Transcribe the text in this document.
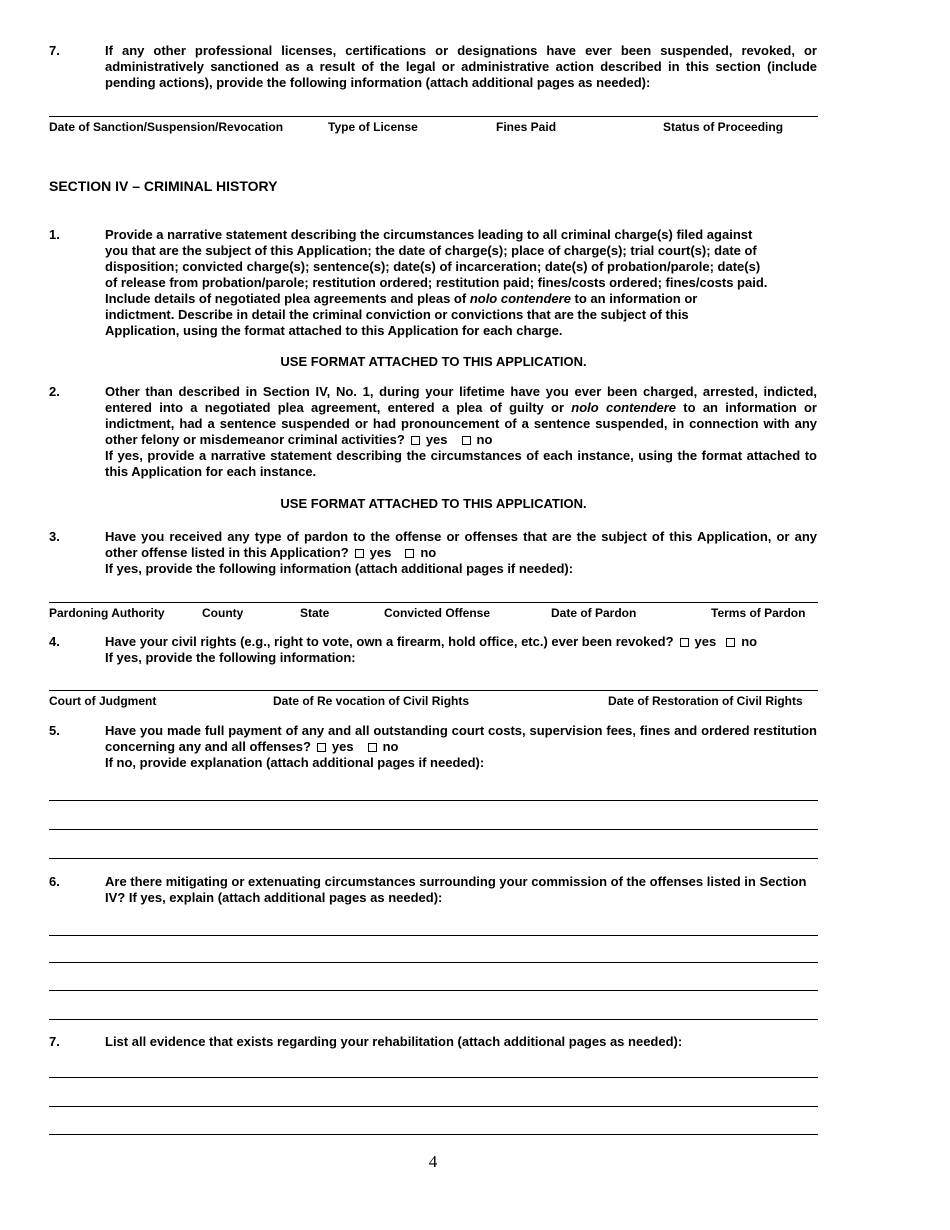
7.	If any other professional licenses, certifications or designations have ever been suspended, revoked, or administratively sanctioned as a result of the legal or administrative action described in this section (include pending actions), provide the following information (attach additional pages as needed):

Date of Sanction/Suspension/Revocation	Type of License	Fines Paid	Status of Proceeding
SECTION IV – CRIMINAL HISTORY
1.	Provide a narrative statement describing the circumstances leading to all criminal charge(s) filed against

you that are the subject of this Application; the date of charge(s); place of charge(s); trial court(s); date of

disposition; convicted charge(s); sentence(s); date(s) of incarceration; date(s) of probation/parole; date(s)

of release from probation/parole; restitution ordered; restitution paid; fines/costs ordered; fines/costs paid.

Include details of negotiated plea agreements and pleas of nolo contendere to an information or

indictment. Describe in detail the criminal conviction or convictions that are the subject of this

Application, using the format attached to this Application for each charge.

USE FORMAT ATTACHED TO THIS APPLICATION.
2.	Other than described in Section IV, No. 1, during your lifetime have you ever been charged, arrested, indicted, entered into a negotiated plea agreement, entered a plea of guilty or nolo contendere to an information or indictment, had a sentence suspended or had pronouncement of a sentence suspended, in connection with any other felony or misdemeanor criminal activities? yes no

If yes, provide a narrative statement describing the circumstances of each instance, using the format attached to this Application for each instance.

USE FORMAT ATTACHED TO THIS APPLICATION.
3.	Have you received any type of pardon to the offense or offenses that are the subject of this Application, or any other offense listed in this Application? yes no

If yes, provide the following information (attach additional pages if needed):

Pardoning Authority	County	State	Convicted Offense	Date of Pardon	Terms of Pardon
4.	Have your civil rights (e.g., right to vote, own a firearm, hold office, etc.) ever been revoked? yes no

If yes, provide the following information:

Court of Judgment	Date of Re vocation of Civil Rights	Date of Restoration of Civil Rights
5.	Have you made full payment of any and all outstanding court costs, supervision fees, fines and ordered restitution concerning any and all offenses? yes no

If no, provide explanation (attach additional pages if needed):

6.	Are there mitigating or extenuating circumstances surrounding your commission of the offenses listed in Section IV? If yes, explain (attach additional pages as needed):

7.	List all evidence that exists regarding your rehabilitation (attach additional pages as needed):

4
